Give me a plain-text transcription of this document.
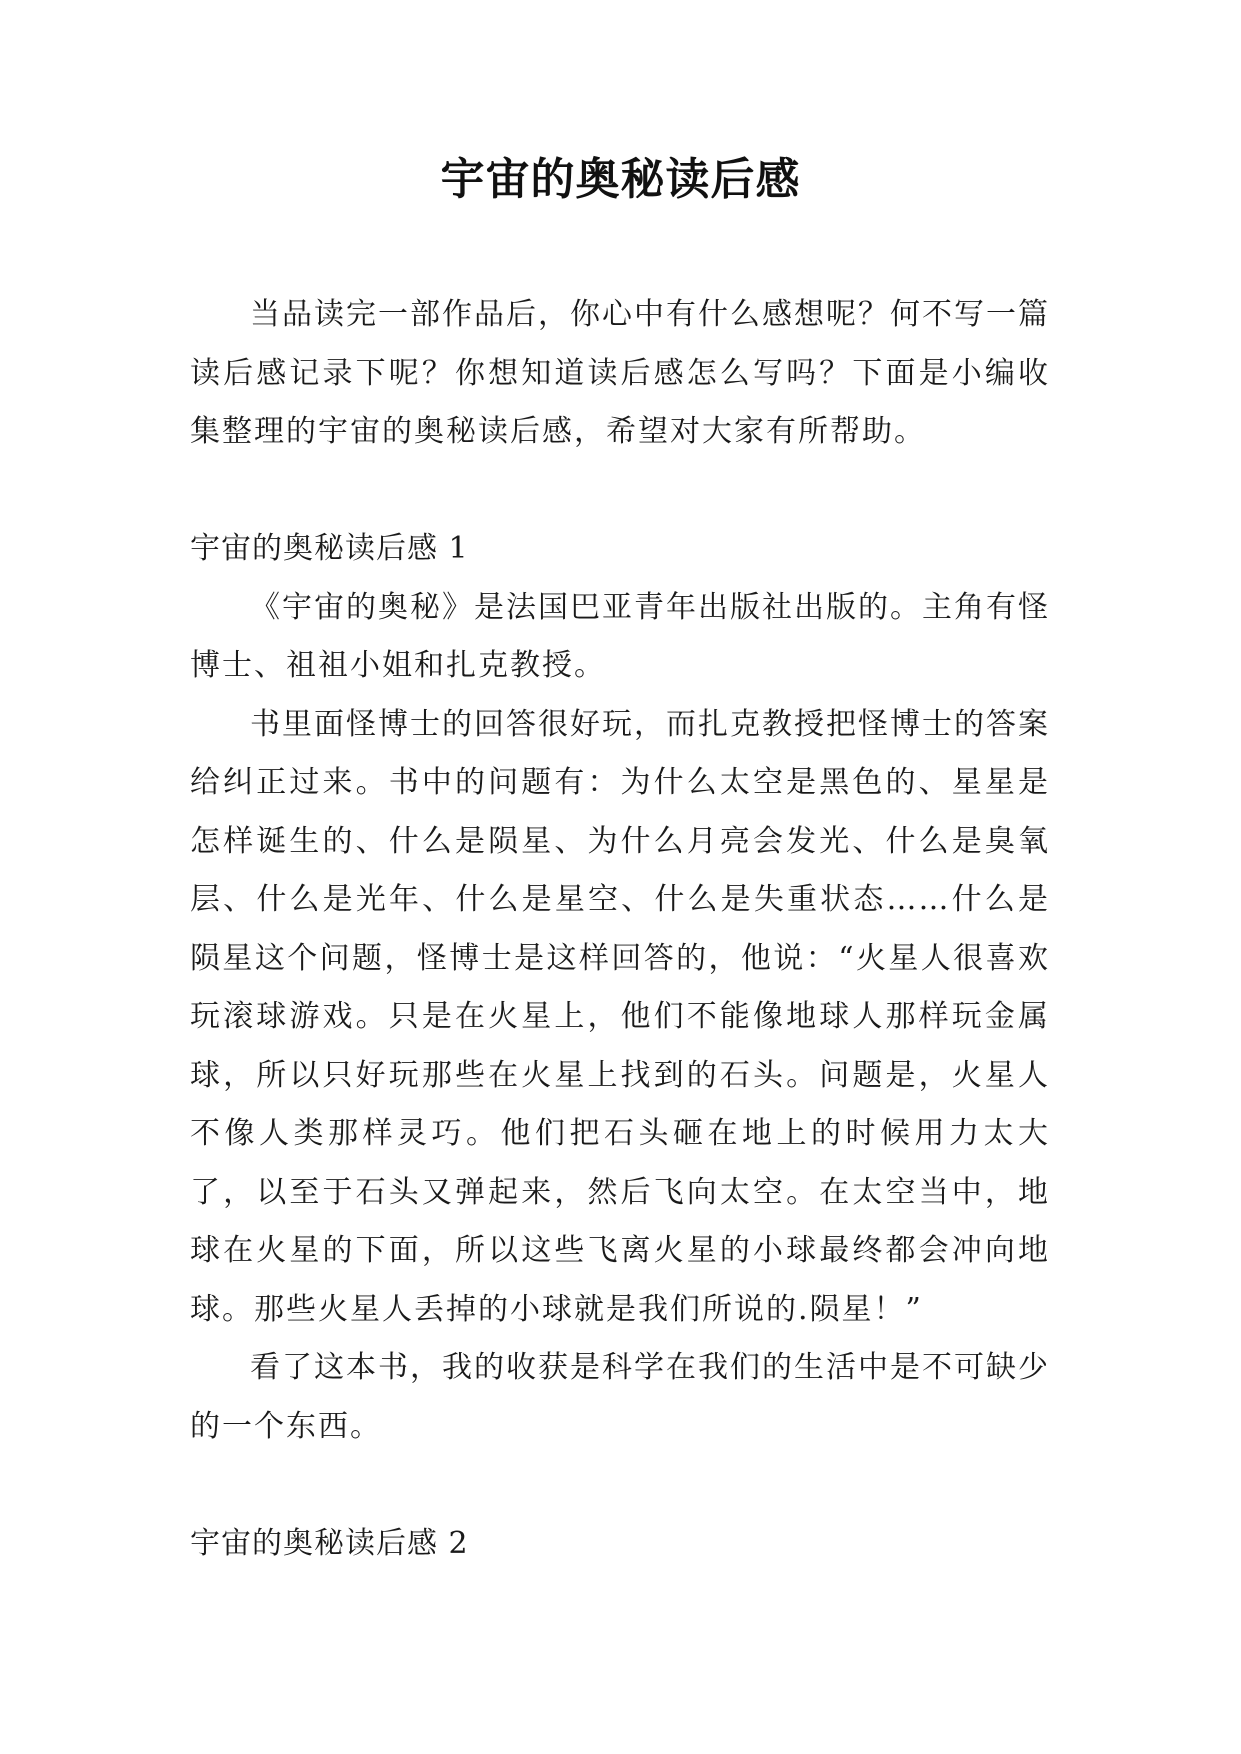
宇宙的奥秘读后感

当品读完一部作品后，你心中有什么感想呢？何不写一篇读后感记录下呢？你想知道读后感怎么写吗？下面是小编收集整理的宇宙的奥秘读后感，希望对大家有所帮助。

宇宙的奥秘读后感 1

《宇宙的奥秘》是法国巴亚青年出版社出版的。主角有怪博士、祖祖小姐和扎克教授。

书里面怪博士的回答很好玩，而扎克教授把怪博士的答案给纠正过来。书中的问题有：为什么太空是黑色的、星星是怎样诞生的、什么是陨星、为什么月亮会发光、什么是臭氧层、什么是光年、什么是星空、什么是失重状态……什么是陨星这个问题，怪博士是这样回答的，他说：“火星人很喜欢玩滚球游戏。只是在火星上，他们不能像地球人那样玩金属球，所以只好玩那些在火星上找到的石头。问题是，火星人不像人类那样灵巧。他们把石头砸在地上的时候用力太大了，以至于石头又弹起来，然后飞向太空。在太空当中，地球在火星的下面，所以这些飞离火星的小球最终都会冲向地球。那些火星人丢掉的小球就是我们所说的.陨星！”

看了这本书，我的收获是科学在我们的生活中是不可缺少的一个东西。

宇宙的奥秘读后感 2
